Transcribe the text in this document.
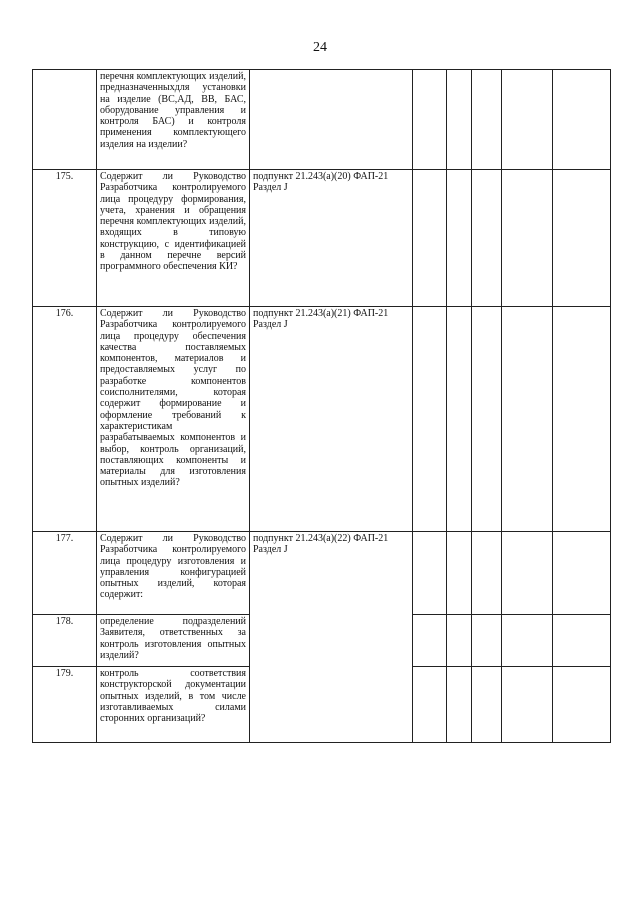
24
	перечня комплектующих изделий, предназначенныхдля установки на изделие (ВС,АД, ВВ, БАС, оборудование управления и контроля БАС) и контроля применения комплектующего изделия на изделии?						
175.	Содержит ли Руководство Разработчика контролируемого лица процедуру формирования, учета, хранения и обращения перечня комплектующих изделий, входящих в типовую конструкцию, с идентификацией в данном перечне версий программного обеспечения КИ?	подпункт 21.243(a)(20) ФАП-21 Раздел J					
176.	Содержит ли Руководство Разработчика контролируемого лица процедуру обеспечения качества поставляемых компонентов, материалов и предоставляемых услуг по разработке компонентов соисполнителями, которая содержит формирование и оформление требований к характеристикам разрабатываемых компонентов и выбор, контроль организаций, поставляющих компоненты и материалы для изготовления опытных изделий?	подпункт 21.243(a)(21) ФАП-21 Раздел J					
177.	Содержит ли Руководство Разработчика контролируемого лица процедуру изготовления и управления конфигурацией опытных изделий, которая содержит:	подпункт 21.243(a)(22) ФАП-21 Раздел J					
178.	определение подразделений Заявителя, ответственных за контроль изготовления опытных изделий?						
179.	контроль соответствия конструкторской документации опытных изделий, в том числе изготавливаемых силами сторонних организаций?						
